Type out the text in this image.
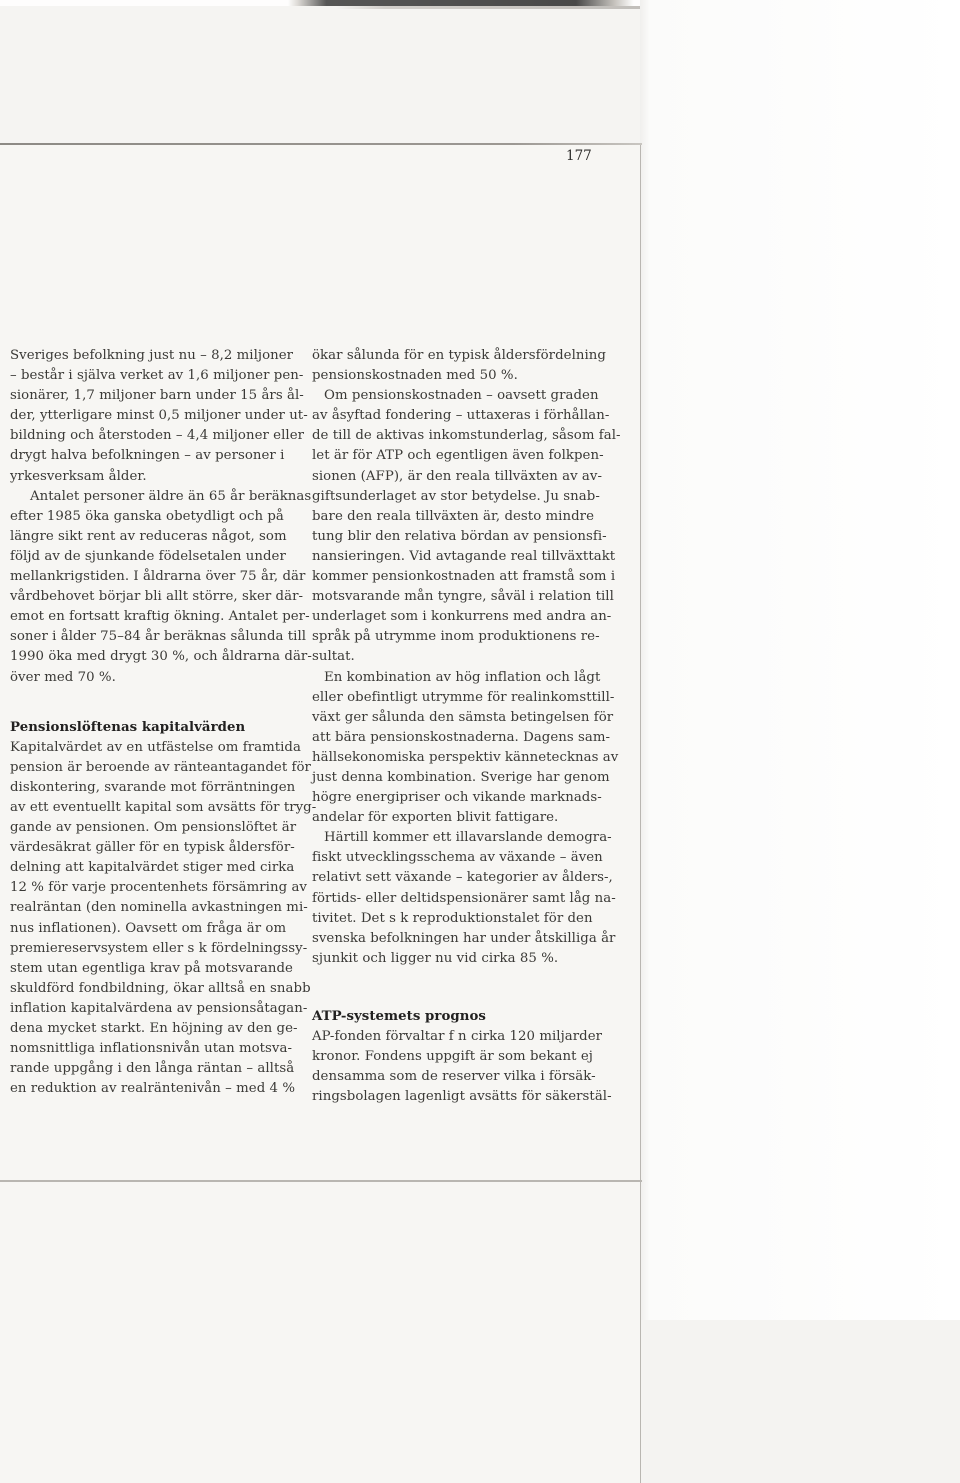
177
Sveriges befolkning just nu – 8,2 miljoner
– består i själva verket av 1,6 miljoner pen-
sionärer, 1,7 miljoner barn under 15 års ål-
der, ytterligare minst 0,5 miljoner under ut-
bildning och återstoden – 4,4 miljoner eller
drygt halva befolkningen – av personer i
yrkesverksam ålder.
Antalet personer äldre än 65 år beräknas
efter 1985 öka ganska obetydligt och på
längre sikt rent av reduceras något, som
följd av de sjunkande födelsetalen under
mellankrigstiden. I åldrarna över 75 år, där
vårdbehovet börjar bli allt större, sker där-
emot en fortsatt kraftig ökning. Antalet per-
soner i ålder 75–84 år beräknas sålunda till
1990 öka med drygt 30 %, och åldrarna där-
över med 70 %.
Pensionslöftenas kapitalvärden
Kapitalvärdet av en utfästelse om framtida
pension är beroende av ränteantagandet för
diskontering, svarande mot förräntningen
av ett eventuellt kapital som avsätts för tryg-
gande av pensionen. Om pensionslöftet är
värdesäkrat gäller för en typisk åldersför-
delning att kapitalvärdet stiger med cirka
12 % för varje procentenhets försämring av
realräntan (den nominella avkastningen mi-
nus inflationen). Oavsett om fråga är om
premiereservsystem eller s k fördelningssy-
stem utan egentliga krav på motsvarande
skuldförd fondbildning, ökar alltså en snabb
inflation kapitalvärdena av pensionsåtagan-
dena mycket starkt. En höjning av den ge-
nomsnittliga inflationsnivån utan motsva-
rande uppgång i den långa räntan – alltså
en reduktion av realräntenivån – med 4 %
ökar sålunda för en typisk åldersfördelning
pensionskostnaden med 50 %.
Om pensionskostnaden – oavsett graden
av åsyftad fondering – uttaxeras i förhållan-
de till de aktivas inkomstunderlag, såsom fal-
let är för ATP och egentligen även folkpen-
sionen (AFP), är den reala tillväxten av av-
giftsunderlaget av stor betydelse. Ju snab-
bare den reala tillväxten är, desto mindre
tung blir den relativa bördan av pensionsfi-
nansieringen. Vid avtagande real tillväxttakt
kommer pensionkostnaden att framstå som i
motsvarande mån tyngre, såväl i relation till
underlaget som i konkurrens med andra an-
språk på utrymme inom produktionens re-
sultat.
En kombination av hög inflation och lågt
eller obefintligt utrymme för realinkomsttill-
växt ger sålunda den sämsta betingelsen för
att bära pensionskostnaderna. Dagens sam-
hällsekonomiska perspektiv kännetecknas av
just denna kombination. Sverige har genom
högre energipriser och vikande marknads-
andelar för exporten blivit fattigare.
Härtill kommer ett illavarslande demogra-
fiskt utvecklingsschema av växande – även
relativt sett växande – kategorier av ålders-,
förtids- eller deltidspensionärer samt låg na-
tivitet. Det s k reproduktionstalet för den
svenska befolkningen har under åtskilliga år
sjunkit och ligger nu vid cirka 85 %.
ATP-systemets prognos
AP-fonden förvaltar f n cirka 120 miljarder
kronor. Fondens uppgift är som bekant ej
densamma som de reserver vilka i försäk-
ringsbolagen lagenligt avsätts för säkerstäl-
